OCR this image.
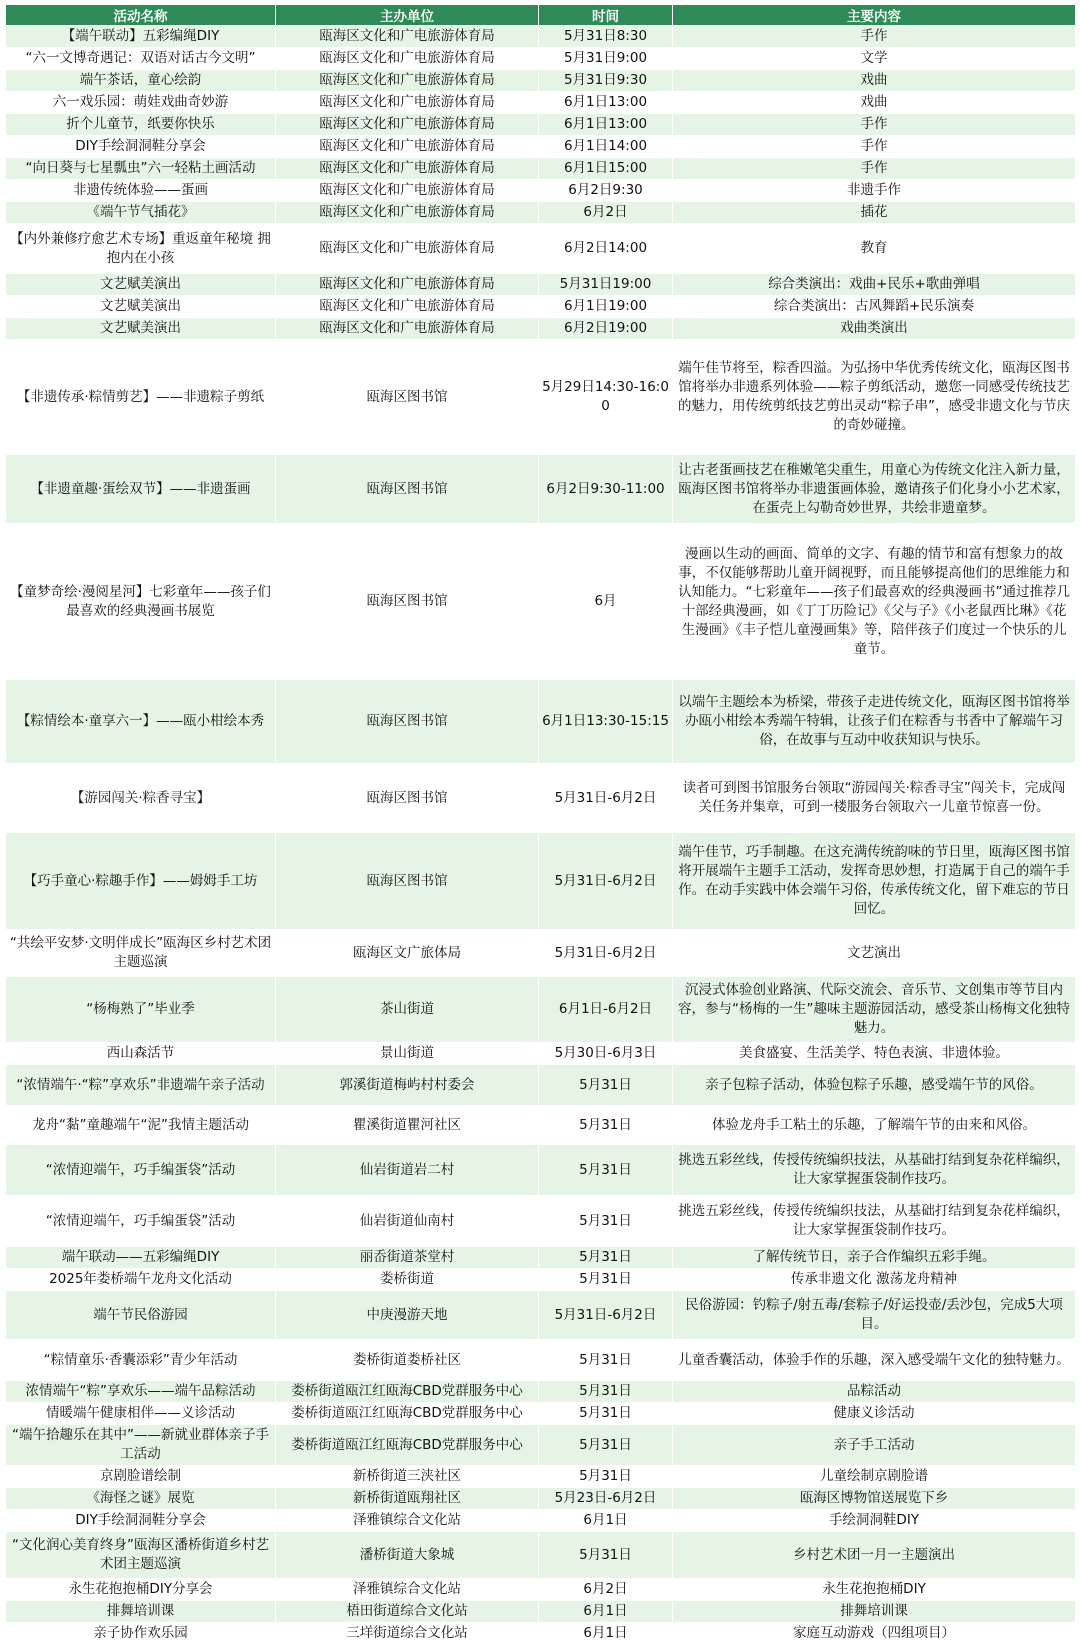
活动名称	主办单位	时间	主要内容
【端午联动】五彩编绳DIY	瓯海区文化和广电旅游体育局	5月31日8:30	手作
“六一文博奇遇记：双语对话古今文明”	瓯海区文化和广电旅游体育局	5月31日9:00	文学
端午茶话，童心绘韵	瓯海区文化和广电旅游体育局	5月31日9:30	戏曲
六一戏乐园：萌娃戏曲奇妙游	瓯海区文化和广电旅游体育局	6月1日13:00	戏曲
折个儿童节，纸要你快乐	瓯海区文化和广电旅游体育局	6月1日13:00	手作
DIY手绘洞洞鞋分享会	瓯海区文化和广电旅游体育局	6月1日14:00	手作
“向日葵与七星瓢虫”六一轻粘土画活动	瓯海区文化和广电旅游体育局	6月1日15:00	手作
非遗传统体验——蛋画	瓯海区文化和广电旅游体育局	6月2日9:30	非遗手作
《端午节气插花》	瓯海区文化和广电旅游体育局	6月2日	插花
【内外兼修疗愈艺术专场】重返童年秘境 拥抱内在小孩	瓯海区文化和广电旅游体育局	6月2日14:00	教育
文艺赋美演出	瓯海区文化和广电旅游体育局	5月31日19:00	综合类演出：戏曲+民乐+歌曲弹唱
文艺赋美演出	瓯海区文化和广电旅游体育局	6月1日19:00	综合类演出：古风舞蹈+民乐演奏
文艺赋美演出	瓯海区文化和广电旅游体育局	6月2日19:00	戏曲类演出
【非遗传承·粽情剪艺】——非遗粽子剪纸	瓯海区图书馆	5月29日14:30-16:00	端午佳节将至，粽香四溢。为弘扬中华优秀传统文化，瓯海区图书馆将举办非遗系列体验——粽子剪纸活动，邀您一同感受传统技艺的魅力，用传统剪纸技艺剪出灵动“粽子串”，感受非遗文化与节庆的奇妙碰撞。
【非遗童趣·蛋绘双节】——非遗蛋画	瓯海区图书馆	6月2日9:30-11:00	让古老蛋画技艺在稚嫩笔尖重生，用童心为传统文化注入新力量，瓯海区图书馆将举办非遗蛋画体验，邀请孩子们化身小小艺术家，在蛋壳上勾勒奇妙世界，共绘非遗童梦。
【童梦奇绘·漫阅星河】七彩童年——孩子们最喜欢的经典漫画书展览	瓯海区图书馆	6月	漫画以生动的画面、简单的文字、有趣的情节和富有想象力的故事，不仅能够帮助儿童开阔视野，而且能够提高他们的思维能力和认知能力。“七彩童年——孩子们最喜欢的经典漫画书”通过推荐几十部经典漫画，如《丁丁历险记》《父与子》《小老鼠西比琳》《花生漫画》《丰子恺儿童漫画集》等，陪伴孩子们度过一个快乐的儿童节。
【粽情绘本·童享六一】——瓯小柑绘本秀	瓯海区图书馆	6月1日13:30-15:15	以端午主题绘本为桥梁，带孩子走进传统文化，瓯海区图书馆将举办瓯小柑绘本秀端午特辑，让孩子们在粽香与书香中了解端午习俗，在故事与互动中收获知识与快乐。
【游园闯关·粽香寻宝】	瓯海区图书馆	5月31日-6月2日	读者可到图书馆服务台领取“游园闯关·粽香寻宝”闯关卡，完成闯关任务并集章，可到一楼服务台领取六一儿童节惊喜一份。
【巧手童心·粽趣手作】——姆姆手工坊	瓯海区图书馆	5月31日-6月2日	端午佳节，巧手制趣。在这充满传统韵味的节日里，瓯海区图书馆将开展端午主题手工活动，发挥奇思妙想，打造属于自己的端午手作。在动手实践中体会端午习俗，传承传统文化，留下难忘的节日回忆。
“共绘平安梦·文明伴成长”瓯海区乡村艺术团主题巡演	瓯海区文广旅体局	5月31日-6月2日	文艺演出
“杨梅熟了”毕业季	茶山街道	6月1日-6月2日	沉浸式体验创业路演、代际交流会、音乐节、文创集市等节目内容，参与“杨梅的一生”趣味主题游园活动，感受茶山杨梅文化独特魅力。
西山森活节	景山街道	5月30日-6月3日	美食盛宴、生活美学、特色表演、非遗体验。
“浓情端午·“粽”享欢乐”非遗端午亲子活动	郭溪街道梅屿村村委会	5月31日	亲子包粽子活动，体验包粽子乐趣，感受端午节的风俗。
龙舟“黏”童趣端午“泥”我情主题活动	瞿溪街道瞿河社区	5月31日	体验龙舟手工粘土的乐趣，了解端午节的由来和风俗。
“浓情迎端午，巧手编蛋袋”活动	仙岩街道岩二村	5月31日	挑选五彩丝线，传授传统编织技法，从基础打结到复杂花样编织，让大家掌握蛋袋制作技巧。
“浓情迎端午，巧手编蛋袋”活动	仙岩街道仙南村	5月31日	挑选五彩丝线，传授传统编织技法，从基础打结到复杂花样编织，让大家掌握蛋袋制作技巧。
端午联动——五彩编绳DIY	丽岙街道茶堂村	5月31日	了解传统节日，亲子合作编织五彩手绳。
2025年娄桥端午龙舟文化活动	娄桥街道	5月31日	传承非遗文化 激荡龙舟精神
端午节民俗游园	中庚漫游天地	5月31日-6月2日	民俗游园：钓粽子/射五毒/套粽子/好运投壶/丢沙包，完成5大项目。
“粽情童乐·香囊添彩”青少年活动	娄桥街道娄桥社区	5月31日	儿童香囊活动，体验手作的乐趣，深入感受端午文化的独特魅力。
浓情端午“粽”享欢乐——端午品粽活动	娄桥街道瓯江红瓯海CBD党群服务中心	5月31日	品粽活动
情暖端午健康相伴——义诊活动	娄桥街道瓯江红瓯海CBD党群服务中心	5月31日	健康义诊活动
“端午拾趣乐在其中”——新就业群体亲子手工活动	娄桥街道瓯江红瓯海CBD党群服务中心	5月31日	亲子手工活动
京剧脸谱绘制	新桥街道三浃社区	5月31日	儿童绘制京剧脸谱
《海怪之谜》展览	新桥街道瓯翔社区	5月23日-6月2日	瓯海区博物馆送展览下乡
DIY手绘洞洞鞋分享会	泽雅镇综合文化站	6月1日	手绘洞洞鞋DIY
“文化润心美育终身”瓯海区潘桥街道乡村艺术团主题巡演	潘桥街道大象城	5月31日	乡村艺术团一月一主题演出
永生花抱抱桶DIY分享会	泽雅镇综合文化站	6月2日	永生花抱抱桶DIY
排舞培训课	梧田街道综合文化站	6月1日	排舞培训课
亲子协作欢乐园	三垟街道综合文化站	6月1日	家庭互动游戏（四组项目）
